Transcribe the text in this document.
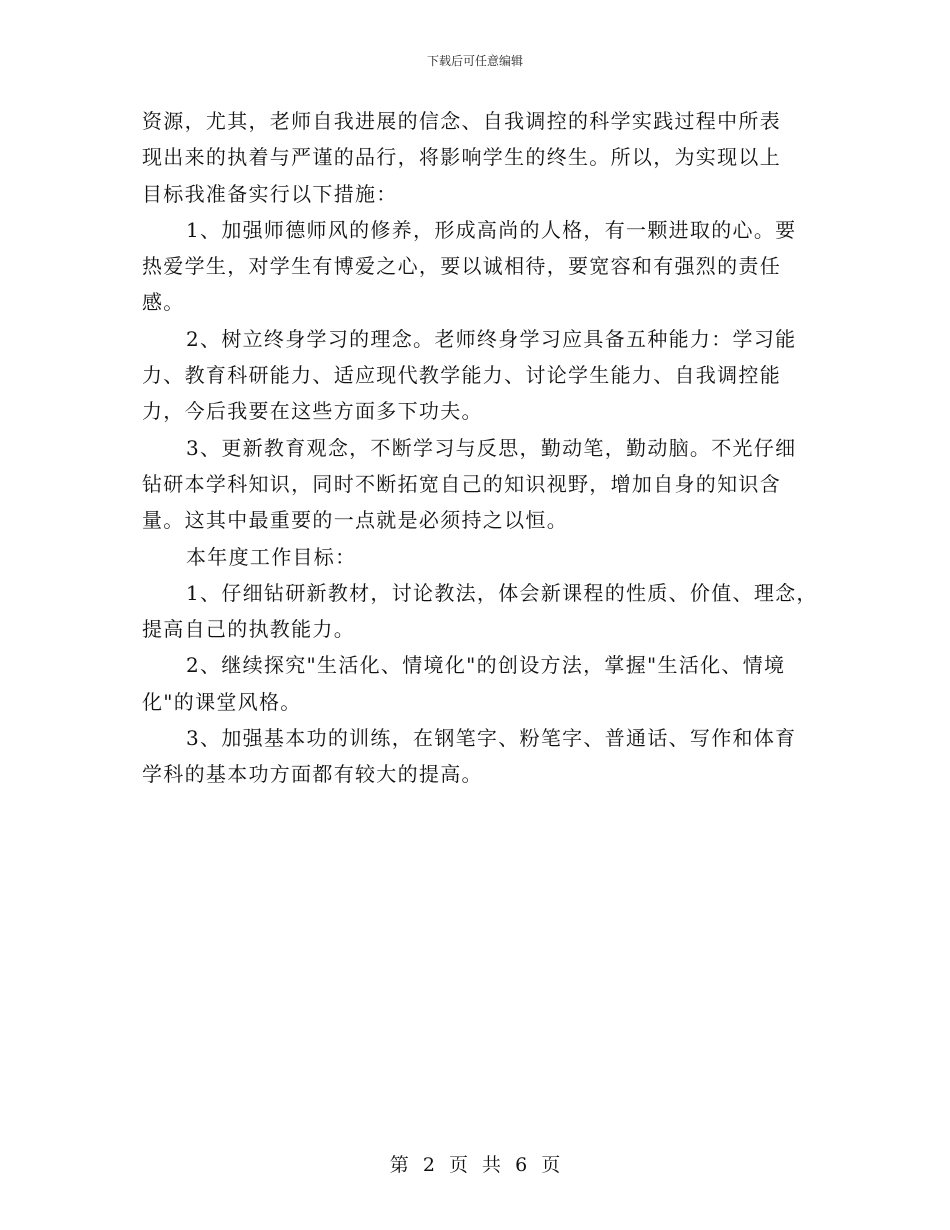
下载后可任意编辑
资源，尤其，老师自我进展的信念、自我调控的科学实践过程中所表
现出来的执着与严谨的品行，将影响学生的终生。所以，为实现以上
目标我准备实行以下措施：
1、加强师德师风的修养，形成高尚的人格，有一颗进取的心。要
热爱学生，对学生有博爱之心，要以诚相待，要宽容和有强烈的责任
感。
2、树立终身学习的理念。老师终身学习应具备五种能力：学习能
力、教育科研能力、适应现代教学能力、讨论学生能力、自我调控能
力，今后我要在这些方面多下功夫。
3、更新教育观念，不断学习与反思，勤动笔，勤动脑。不光仔细
钻研本学科知识，同时不断拓宽自己的知识视野，增加自身的知识含
量。这其中最重要的一点就是必须持之以恒。
本年度工作目标：
1、仔细钻研新教材，讨论教法，体会新课程的性质、价值、理念，
提高自己的执教能力。
2、继续探究"生活化、情境化"的创设方法，掌握"生活化、情境
化"的课堂风格。
3、加强基本功的训练，在钢笔字、粉笔字、普通话、写作和体育
学科的基本功方面都有较大的提高。
第 2 页 共 6 页
